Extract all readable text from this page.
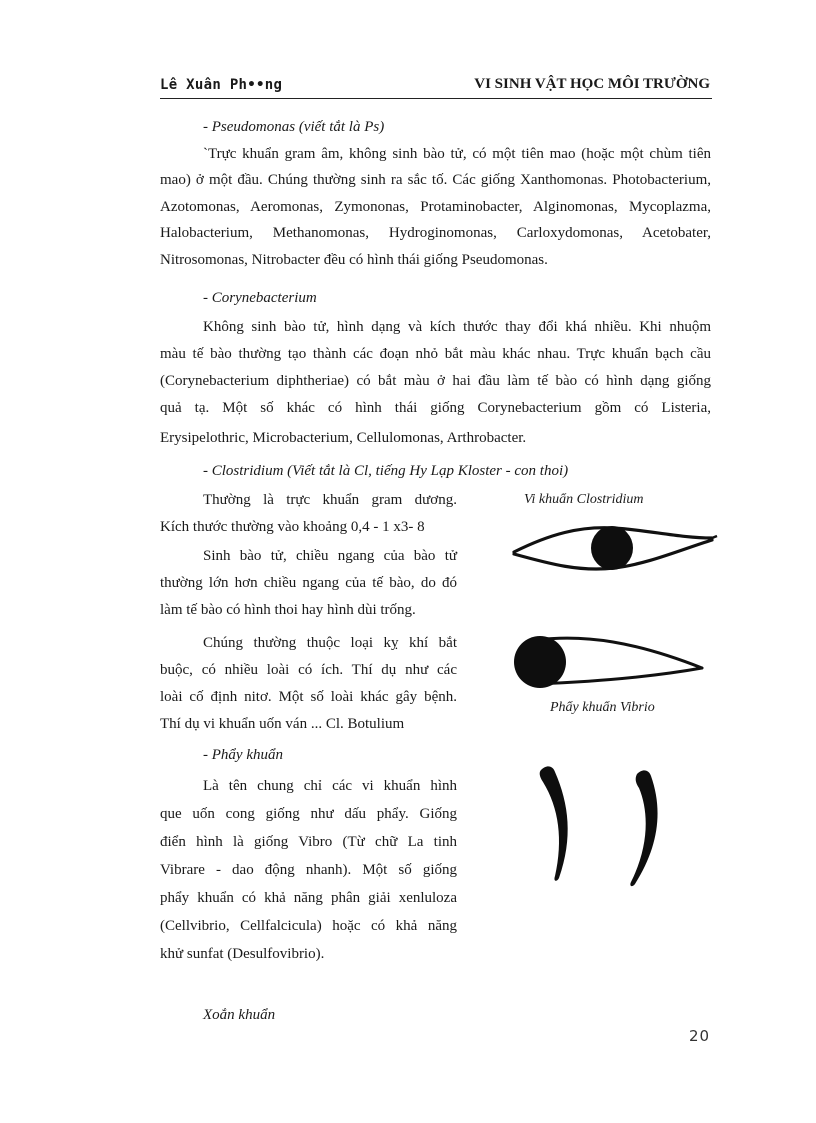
Lê Xuân Ph••ng	VI SINH VẬT HỌC MÔI TRƯỜNG
- Pseudomonas (viết tắt là Ps)
`Trực khuẩn gram âm, không sinh bào tử, có một tiên mao (hoặc một chùm tiên
mao) ở một đầu. Chúng thường sinh ra sắc tố. Các giống Xanthomonas. Photobacterium,
Azotomonas, Aeromonas, Zymononas, Protaminobacter, Alginomonas, Mycoplazma,
Halobacterium, Methanomonas, Hydroginomonas, Carloxydomonas, Acetobater,
Nitrosomonas, Nitrobacter đều có hình thái giống Pseudomonas.
- Corynebacterium
Không sinh bào tử, hình dạng và kích thước thay đổi khá nhiều. Khi nhuộm
màu tế bào thường tạo thành các đoạn nhỏ bắt màu khác nhau. Trực khuẩn bạch cầu
(Corynebacterium diphtheriae) có bắt màu ở hai đầu làm tế bào có hình dạng giống
quả tạ. Một số khác có hình thái giống Corynebacterium gồm có Listeria,
Erysipelothric, Microbacterium, Cellulomonas, Arthrobacter.
- Clostridium (Viết tắt là Cl, tiếng Hy Lạp Kloster - con thoi)
Thường là trực khuẩn gram dương.
Kích thước thường vào khoảng 0,4 - 1 x3- 8
Sinh bào tử, chiều ngang của bào tử
thường lớn hơn chiều ngang của tế bào, do đó
làm tế bào có hình thoi hay hình dùi trống.
Chúng thường thuộc loại kỵ khí bắt
buộc, có nhiều loài có ích. Thí dụ như các
loài cố định nitơ. Một số loài khác gây bệnh.
Thí dụ vi khuẩn uốn ván ... Cl. Botulium
- Phẩy khuẩn
Là tên chung chỉ các vi khuẩn hình
que uốn cong giống như dấu phẩy. Giống
điển hình là giống Vibro (Từ chữ La tinh
Vibrare - dao động nhanh). Một số giống
phẩy khuẩn có khả năng phân giải xenluloza
(Cellvibrio, Cellfalcicula) hoặc có khả năng
khử sunfat (Desulfovibrio).
Xoắn khuẩn
Vi khuẩn Clostridium
Phẩy khuẩn Vibrio
20
